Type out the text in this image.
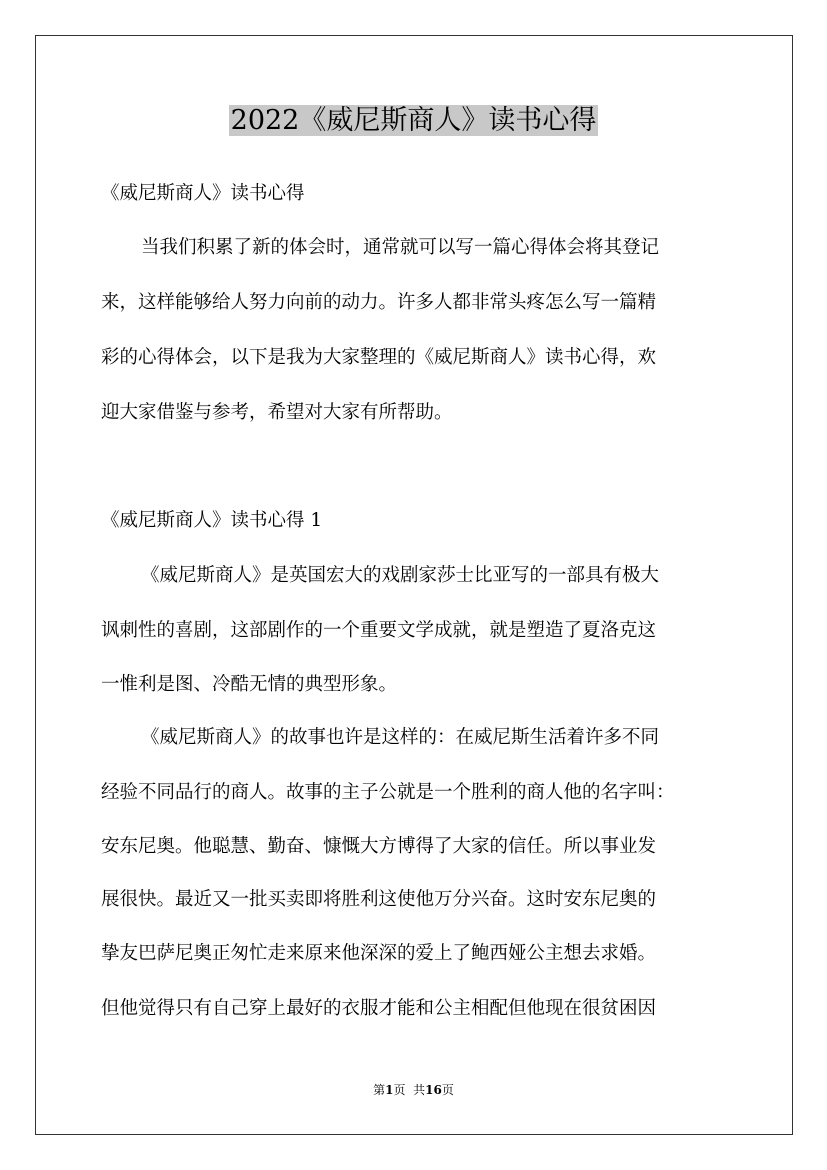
2022《威尼斯商人》读书心得
《威尼斯商人》读书心得
当我们积累了新的体会时，通常就可以写一篇心得体会将其登记
来，这样能够给人努力向前的动力。许多人都非常头疼怎么写一篇精
彩的心得体会，以下是我为大家整理的《威尼斯商人》读书心得，欢
迎大家借鉴与参考，希望对大家有所帮助。
《威尼斯商人》读书心得 1
《威尼斯商人》是英国宏大的戏剧家莎士比亚写的一部具有极大
讽刺性的喜剧，这部剧作的一个重要文学成就，就是塑造了夏洛克这
一惟利是图、冷酷无情的典型形象。
《威尼斯商人》的故事也许是这样的：在威尼斯生活着许多不同
经验不同品行的商人。故事的主子公就是一个胜利的商人他的名字叫：
安东尼奥。他聪慧、勤奋、慷慨大方博得了大家的信任。所以事业发
展很快。最近又一批买卖即将胜利这使他万分兴奋。这时安东尼奥的
挚友巴萨尼奥正匆忙走来原来他深深的爱上了鲍西娅公主想去求婚。
但他觉得只有自己穿上最好的衣服才能和公主相配但他现在很贫困因
第1页 共16页
